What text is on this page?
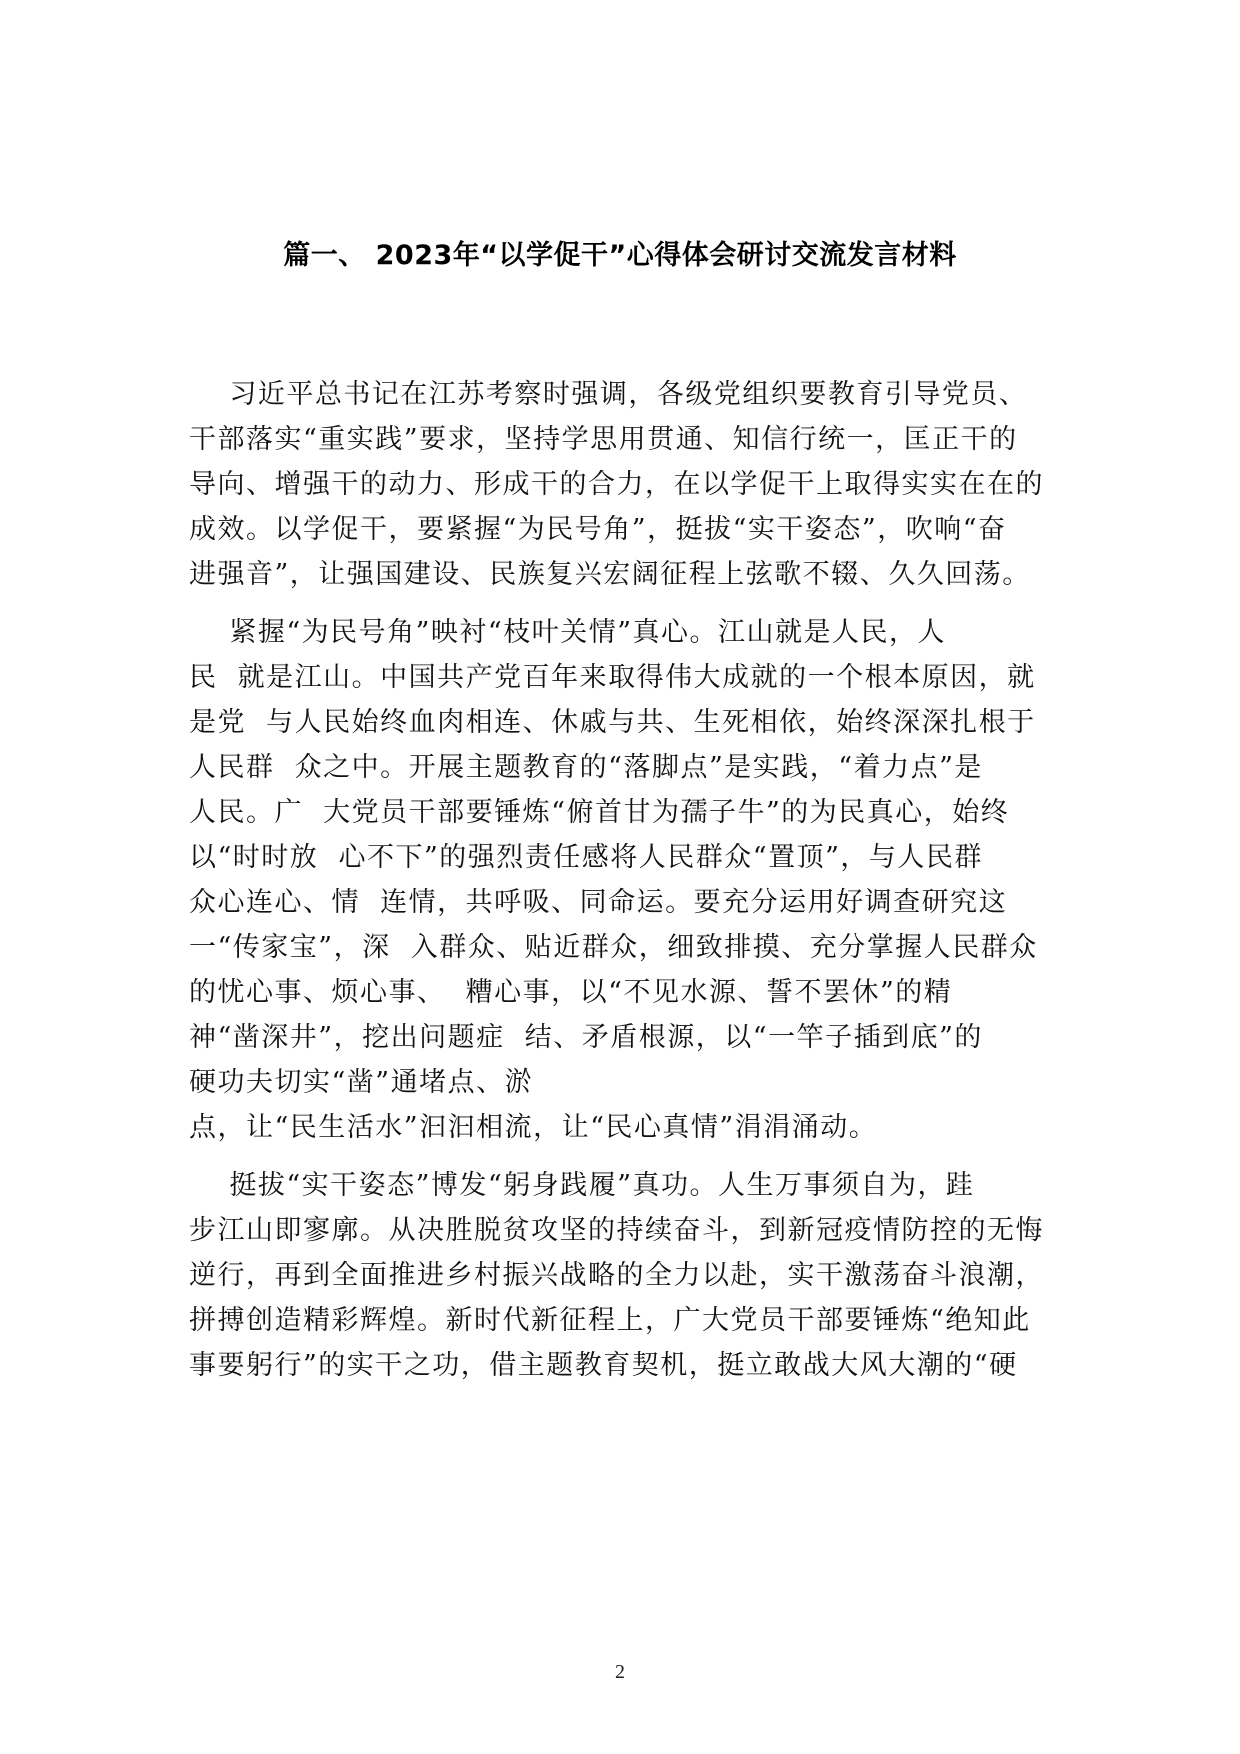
篇一、 2023年“以学促干”心得体会研讨交流发言材料
习近平总书记在江苏考察时强调，各级党组织要教育引导党员、
干部落实“重实践”要求，坚持学思用贯通、知信行统一，匡正干的
导向、增强干的动力、形成干的合力，在以学促干上取得实实在在的
成效。以学促干，要紧握“为民号角”，挺拔“实干姿态”，吹响“奋
进强音”，让强国建设、民族复兴宏阔征程上弦歌不辍、久久回荡。
紧握“为民号角”映衬“枝叶关情”真心。江山就是人民，人
民  就是江山。中国共产党百年来取得伟大成就的一个根本原因，就
是党  与人民始终血肉相连、休戚与共、生死相依，始终深深扎根于
人民群  众之中。开展主题教育的“落脚点”是实践，“着力点”是
人民。广  大党员干部要锤炼“俯首甘为孺子牛”的为民真心，始终
以“时时放  心不下”的强烈责任感将人民群众“置顶”，与人民群
众心连心、情  连情，共呼吸、同命运。要充分运用好调查研究这
一“传家宝”，深  入群众、贴近群众，细致排摸、充分掌握人民群众
的忧心事、烦心事、  糟心事，以“不见水源、誓不罢休”的精
神“凿深井”，挖出问题症  结、矛盾根源，以“一竿子插到底”的
硬功夫切实“凿”通堵点、淤
点，让“民生活水”汩汩相流，让“民心真情”涓涓涌动。
挺拔“实干姿态”博发“躬身践履”真功。人生万事须自为，跬
步江山即寥廓。从决胜脱贫攻坚的持续奋斗，到新冠疫情防控的无悔
逆行，再到全面推进乡村振兴战略的全力以赴，实干激荡奋斗浪潮，
拼搏创造精彩辉煌。新时代新征程上，广大党员干部要锤炼“绝知此
事要躬行”的实干之功，借主题教育契机，挺立敢战大风大潮的“硬
2
